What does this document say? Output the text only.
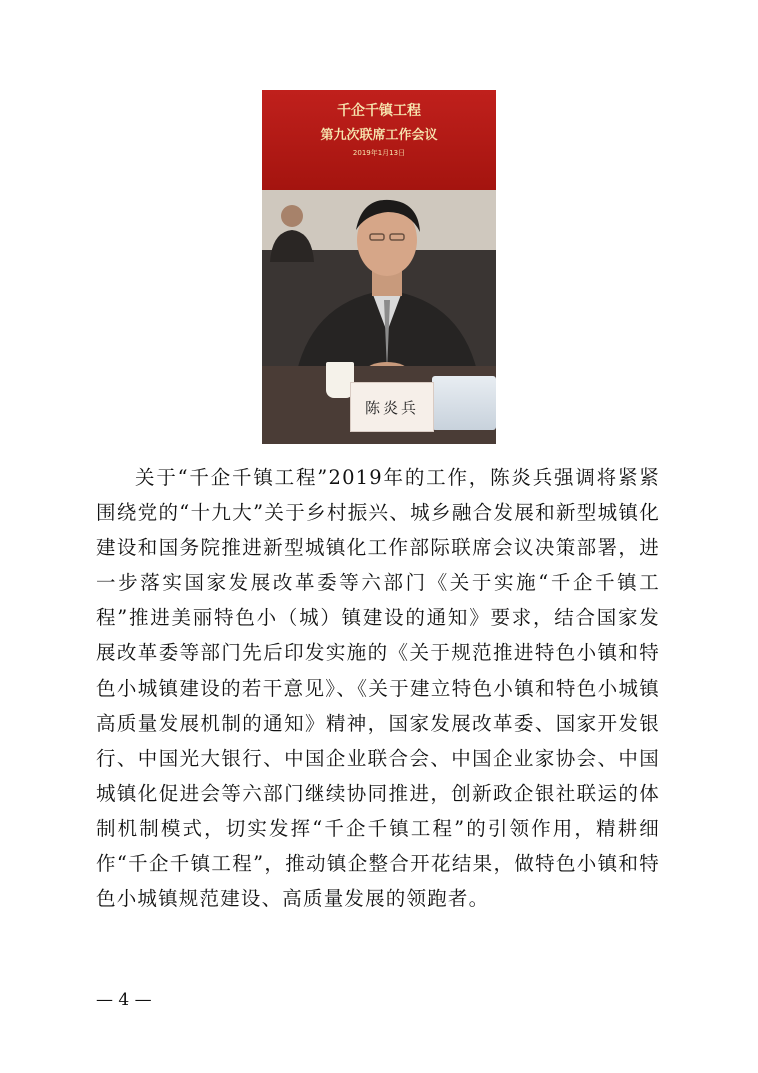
千企千镇工程
第九次联席工作会议
2019年1月13日
陈炎兵

关于“千企千镇工程”2019年的工作，陈炎兵强调将紧紧围绕党的“十九大”关于乡村振兴、城乡融合发展和新型城镇化建设和国务院推进新型城镇化工作部际联席会议决策部署，进一步落实国家发展改革委等六部门《关于实施“千企千镇工程”推进美丽特色小（城）镇建设的通知》要求，结合国家发展改革委等部门先后印发实施的《关于规范推进特色小镇和特色小城镇建设的若干意见》、《关于建立特色小镇和特色小城镇高质量发展机制的通知》精神，国家发展改革委、国家开发银行、中国光大银行、中国企业联合会、中国企业家协会、中国城镇化促进会等六部门继续协同推进，创新政企银社联运的体制机制模式，切实发挥“千企千镇工程”的引领作用，精耕细作“千企千镇工程”，推动镇企整合开花结果，做特色小镇和特色小城镇规范建设、高质量发展的领跑者。

— 4 —
